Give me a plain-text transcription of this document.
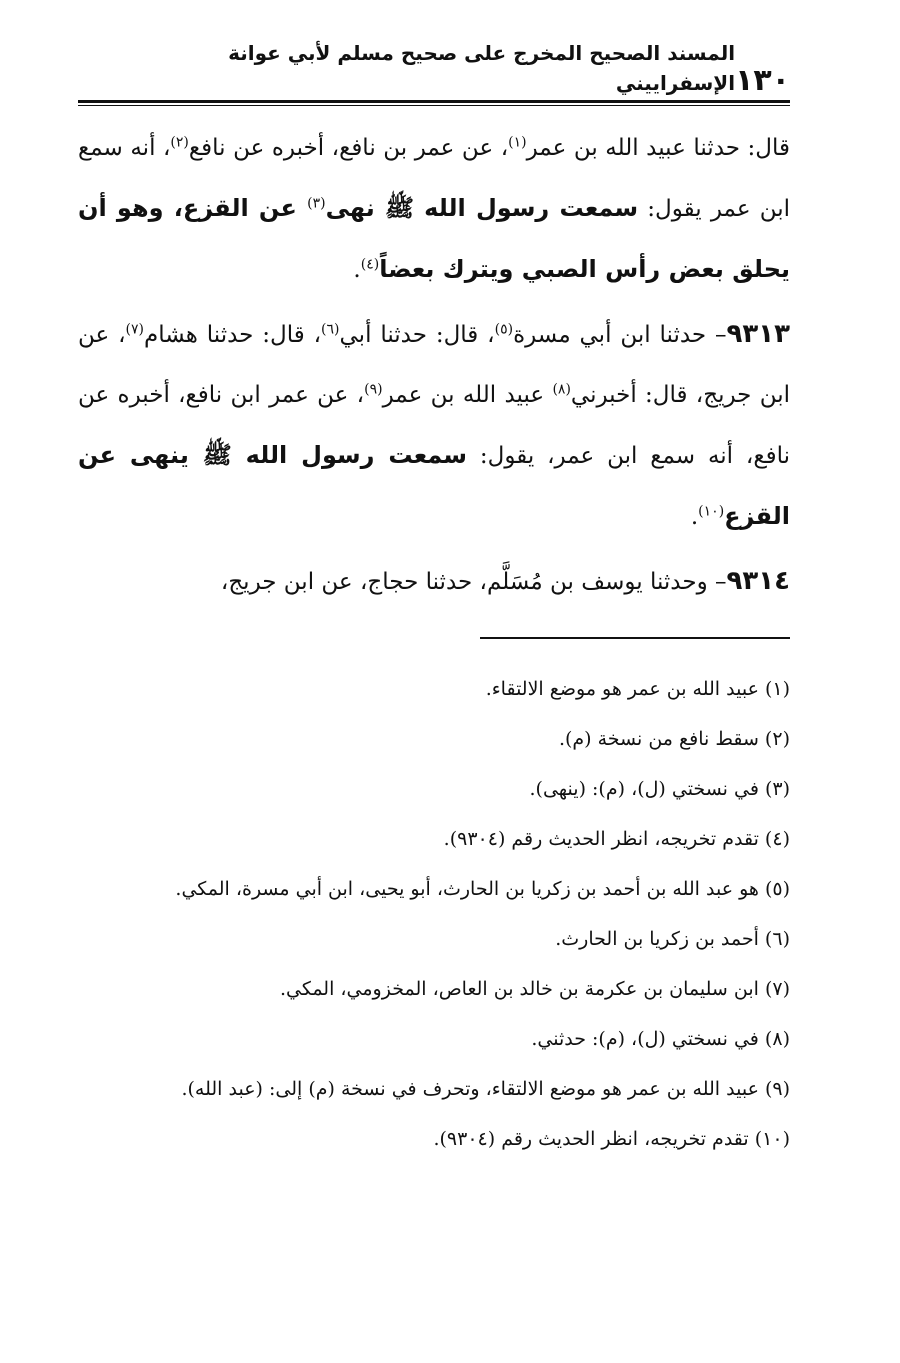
١٣٠
المسند الصحيح المخرج على صحيح مسلم لأبي عوانة الإسفراييني

قال: حدثنا عبيد الله بن عمر$^{(١)}$، عن عمر بن نافع، أخبره عن نافع$^{(٢)}$، أنه سمع ابن عمر يقول: سمعت رسول الله ﷺ نهى$^{(٣)}$ عن القزع، وهو أن يحلق بعض رأس الصبي ويترك بعضاً$^{(٤)}$.

٩٣١٣– حدثنا ابن أبي مسرة$^{(٥)}$، قال: حدثنا أبي$^{(٦)}$، قال: حدثنا هشام$^{(٧)}$، عن ابن جريج، قال: أخبرني$^{(٨)}$ عبيد الله بن عمر$^{(٩)}$، عن عمر ابن نافع، أخبره عن نافع، أنه سمع ابن عمر، يقول: سمعت رسول الله ﷺ ينهى عن القزع$^{(١٠)}$.

٩٣١٤– وحدثنا يوسف بن مُسَلَّم، حدثنا حجاج، عن ابن جريج،

(١) عبيد الله بن عمر هو موضع الالتقاء.
(٢) سقط نافع من نسخة (م).
(٣) في نسختي (ل)، (م): (ينهى).
(٤) تقدم تخريجه، انظر الحديث رقم (٩٣٠٤).
(٥) هو عبد الله بن أحمد بن زكريا بن الحارث، أبو يحيى، ابن أبي مسرة، المكي.
(٦) أحمد بن زكريا بن الحارث.
(٧) ابن سليمان بن عكرمة بن خالد بن العاص، المخزومي، المكي.
(٨) في نسختي (ل)، (م): حدثني.
(٩) عبيد الله بن عمر هو موضع الالتقاء، وتحرف في نسخة (م) إلى: (عبد الله).
(١٠) تقدم تخريجه، انظر الحديث رقم (٩٣٠٤).
